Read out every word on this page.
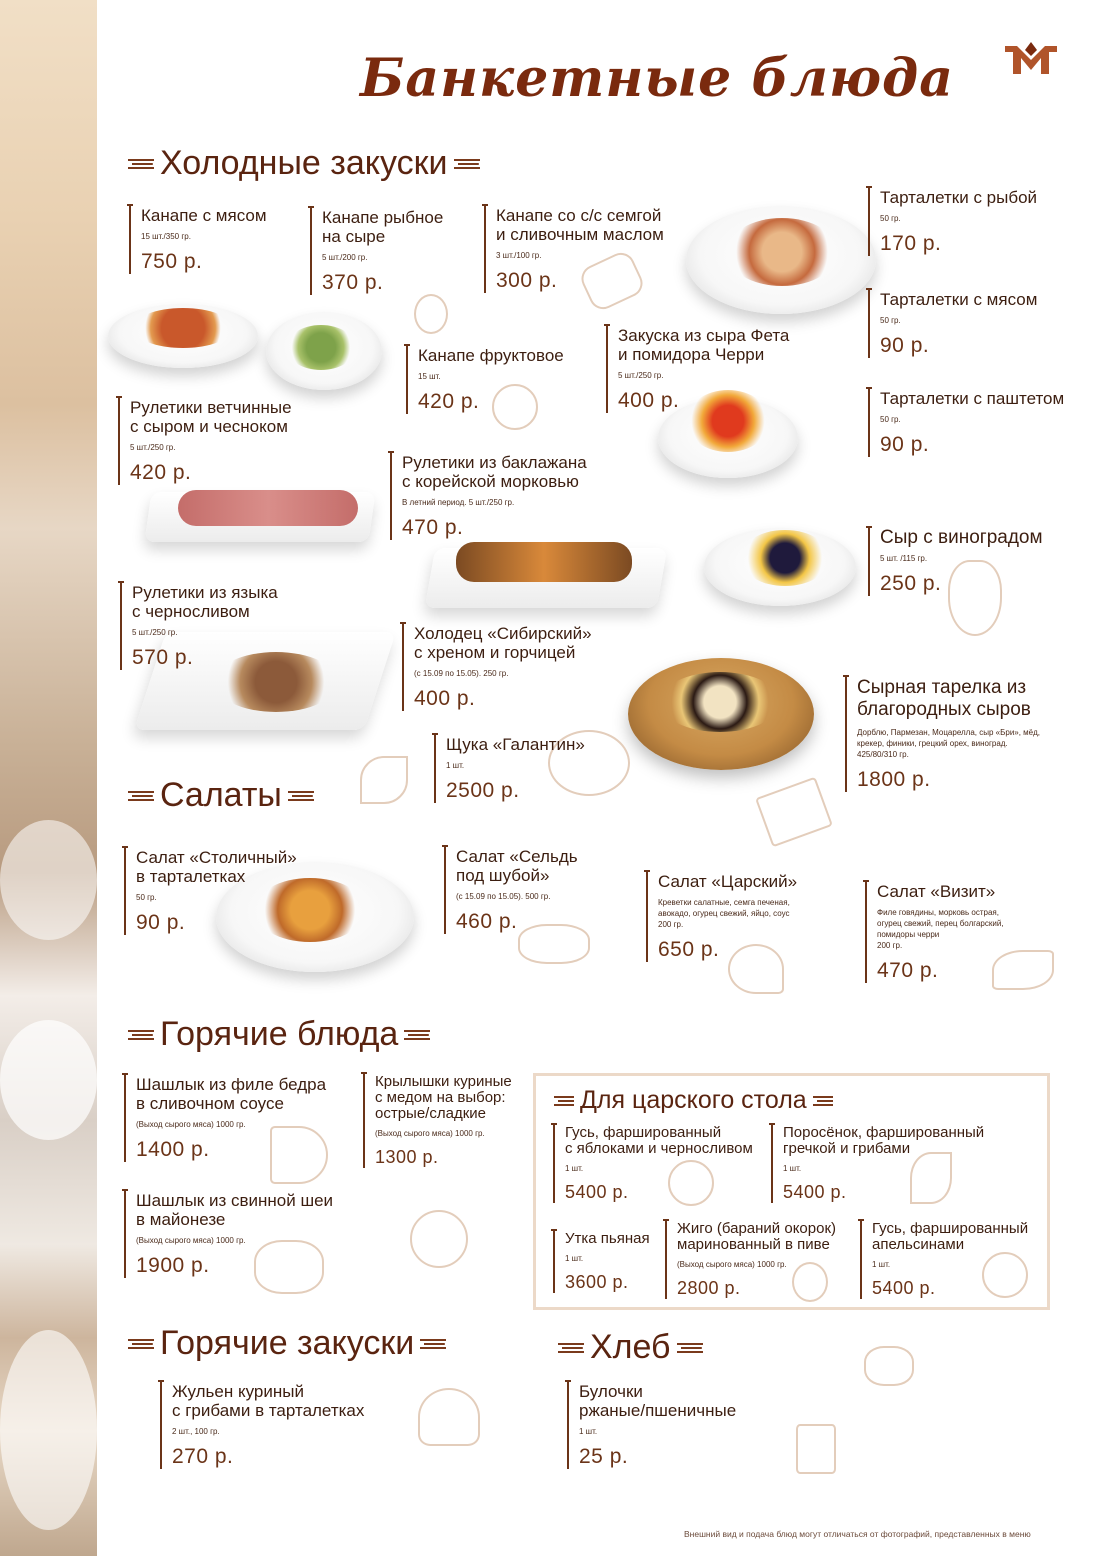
Банкетные блюда
Холодные закуски
Салаты
Горячие блюда
Для царского стола
Горячие закуски	Хлеб
Канапе с мясом
15 шт./350 гр.
750 р.
Канапе рыбное
на сыре
5 шт./200 гр.
370 р.
Канапе со с/с семгой
и сливочным маслом
3 шт./100 гр.
300 р.
Тарталетки с рыбой
50 гр.
170 р.
Тарталетки с мясом
50 гр.
90 р.
Тарталетки с паштетом
50 гр.
90 р.
Канапе фруктовое
15 шт.
420 р.
Закуска из сыра Фета
и помидора Черри
5 шт./250 гр.
400 р.
Рулетики ветчинные
с сыром и чесноком
5 шт./250 гр.
420 р.	Рулетики из баклажана
с корейской морковью
В летний период. 5 шт./250 гр.
470 р.	Сыр с виноградом
5 шт. /115 гр.
250 р.
Рулетики из языка
с черносливом
5 шт./250 гр.
570 р.
Холодец «Сибирский»
с хреном и горчицей
(с 15.09 по 15.05). 250 гр.
400 р.	Сырная тарелка из
благородных сыров
Дорблю, Пармезан, Моцарелла, сыр «Бри», мёд,
крекер, финики, грецкий орех, виноград.
425/80/310 гр.
1800 р.
Щука «Галантин»
1 шт.
2500 р.
Салат «Столичный»
в тарталетках
50 гр.
90 р.
Салат «Сельдь
под шубой»
(с 15.09 по 15.05). 500 гр.
460 р.
Салат «Царский»
Креветки салатные, семга печеная,
авокадо, огурец свежий, яйцо, соус
200 гр.
650 р.
Салат «Визит»
Филе говядины, морковь острая,
огурец свежий, перец болгарский,
помидоры черри
200 гр.
470 р.
Шашлык из филе бедра
в сливочном соусе
(Выход сырого мяса) 1000 гр.
1400 р.
Крылышки куриные
с медом на выбор:
острые/сладкие
(Выход сырого мяса) 1000 гр.
1300 р.
Шашлык из свинной шеи
в майонезе
(Выход сырого мяса) 1000 гр.
1900 р.
Гусь, фаршированный
с яблоками и черносливом
1 шт.
5400 р.
Поросёнок, фаршированный
гречкой и грибами
1 шт.
5400 р.
Утка пьяная
1 шт.
3600 р.
Жиго (бараний окорок)
маринованный в пиве
(Выход сырого мяса) 1000 гр.
2800 р.
Гусь, фаршированный
апельсинами
1 шт.
5400 р.
Жульен куриный
с грибами в тарталетках
2 шт., 100 гр.
270 р.
Булочки
ржаные/пшеничные
1 шт.
25 р.
Внешний вид и подача блюд могут отличаться от фотографий, представленных в меню
